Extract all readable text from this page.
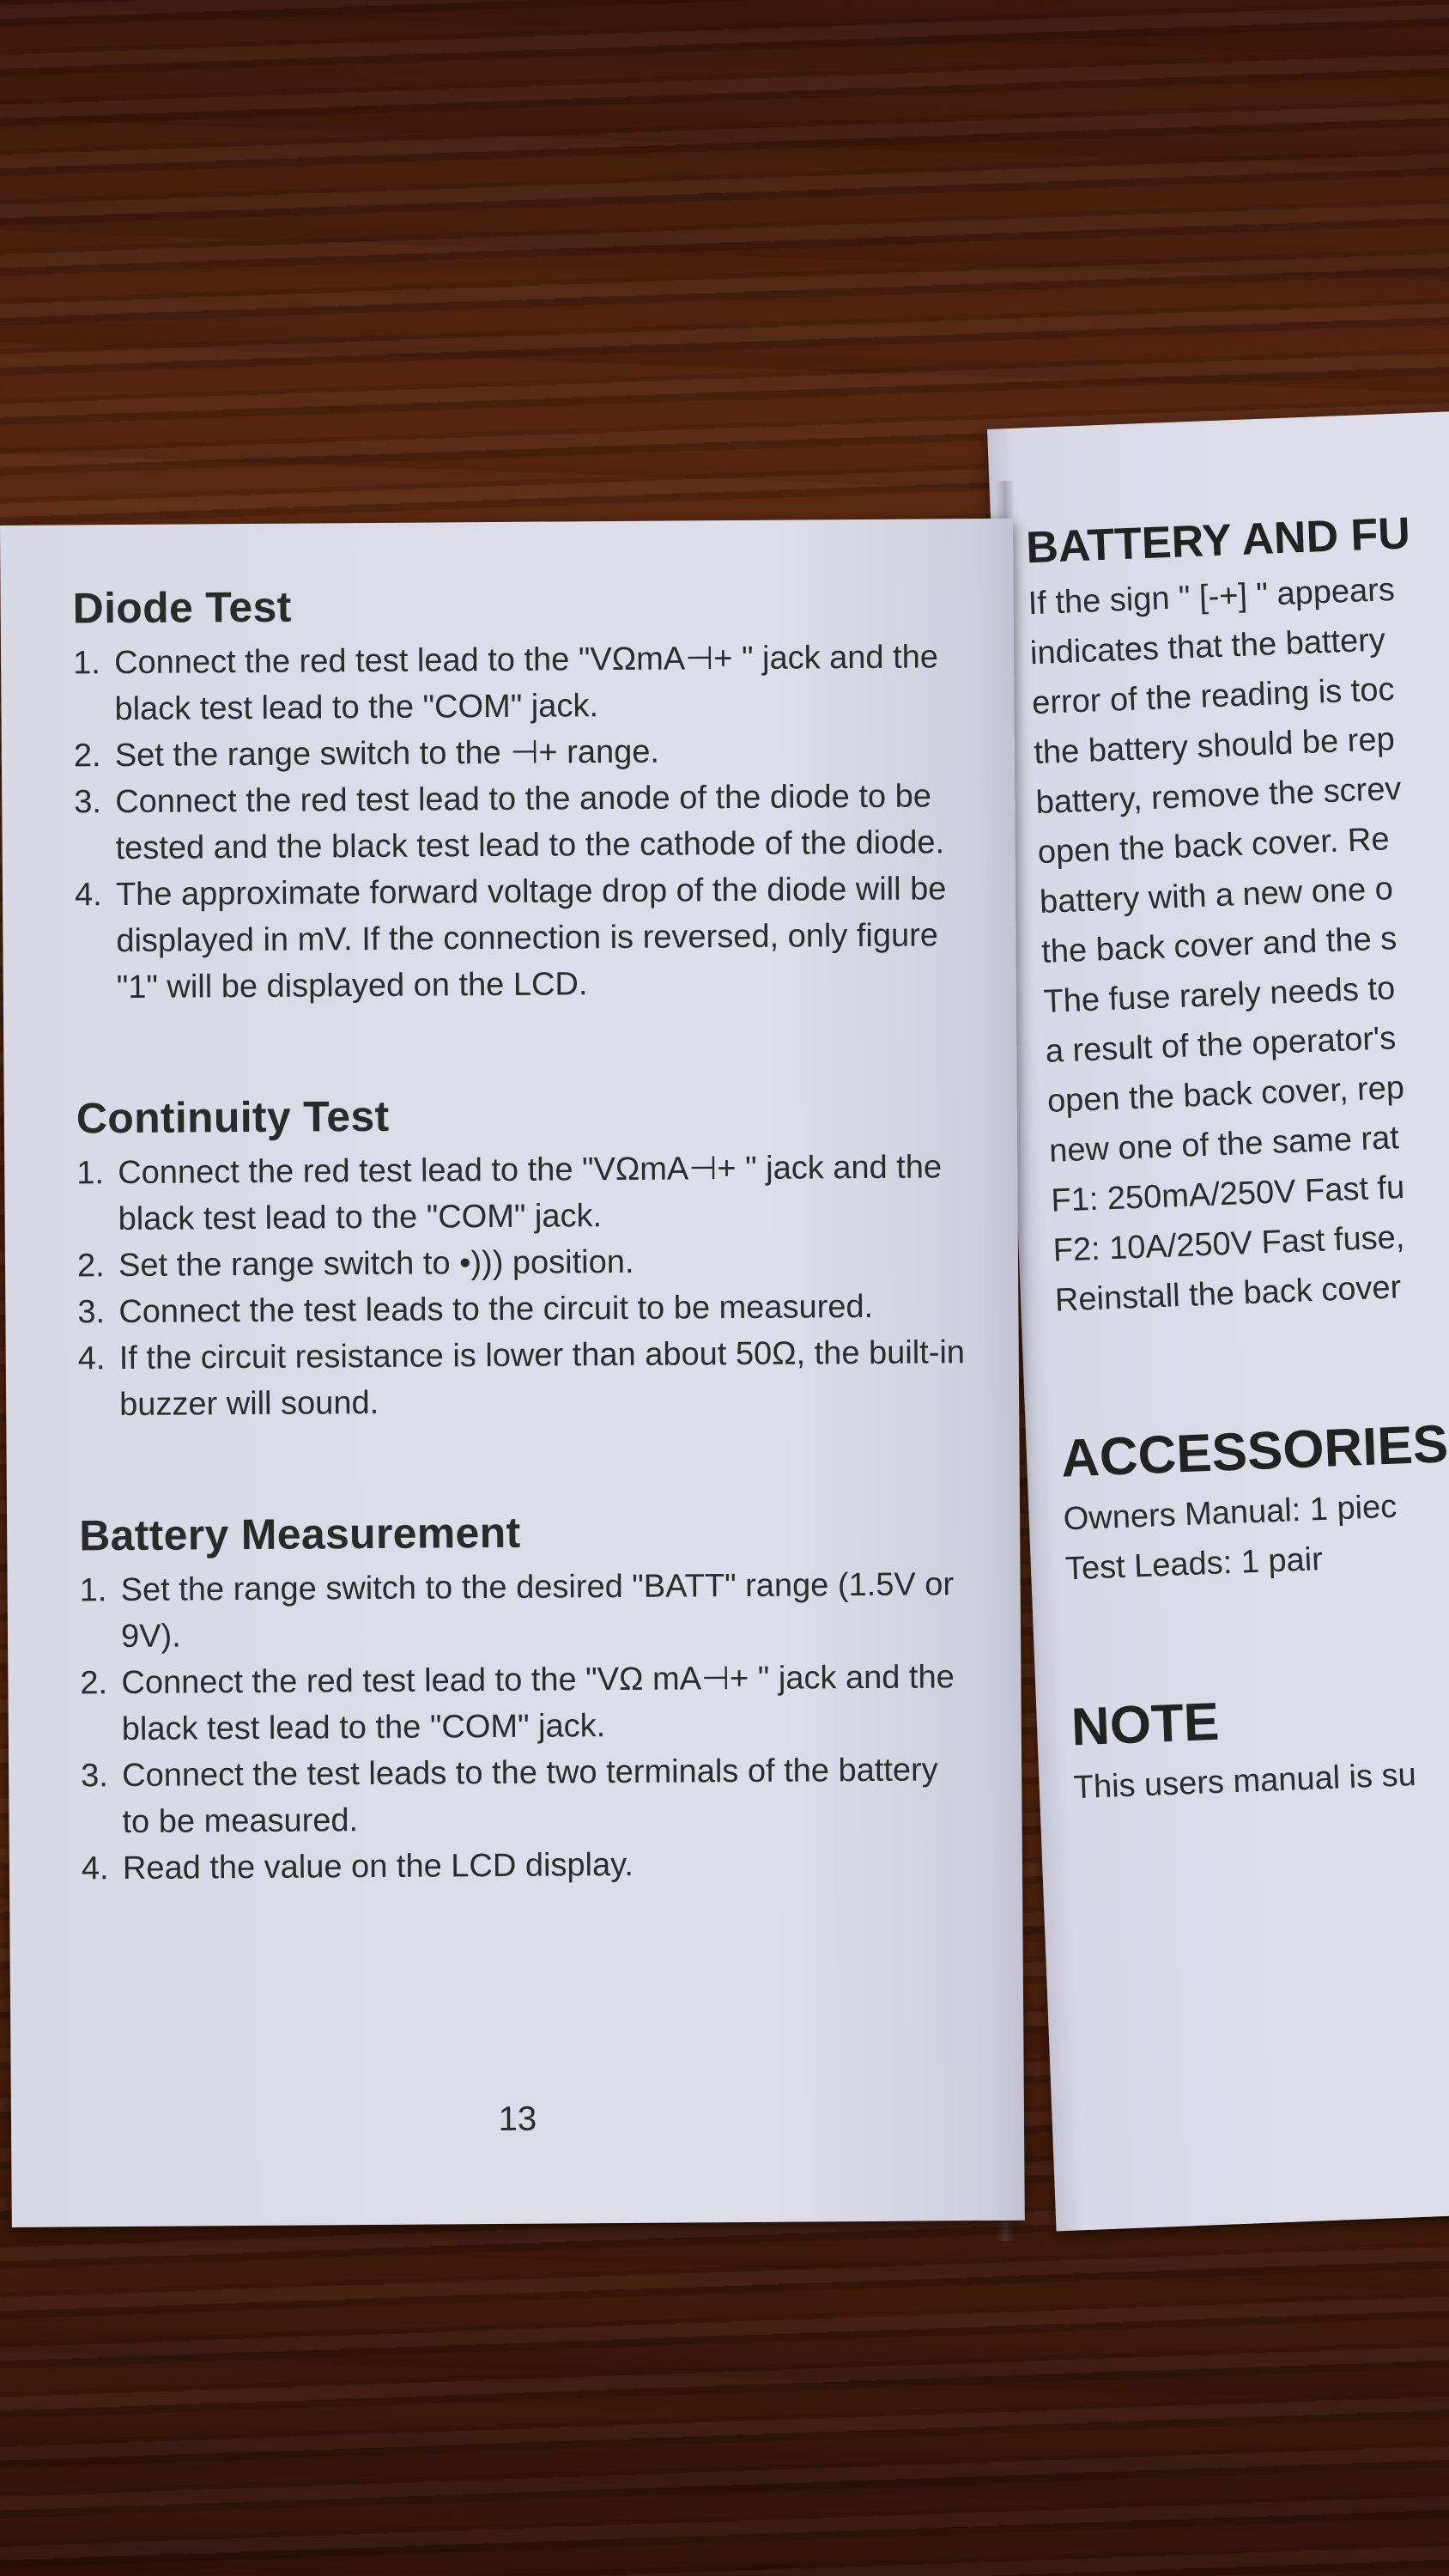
BATTERY AND FU

If the sign " [-+] " appears

indicates that the battery

error of the reading is toc

the battery should be rep

battery, remove the screv

open the back cover. Re

battery with a new one o

the back cover and the s

The fuse rarely needs to

a result of the operator's

open the back cover, rep

new one of the same rat

F1: 250mA/250V Fast fu

F2: 10A/250V Fast fuse,

Reinstall the back cover

ACCESSORIES

Owners Manual: 1 piec

Test Leads: 1 pair

NOTE

This users manual is su

Diode Test
1. Connect the red test lead to the "VΩmA⊣+ " jack and the black test lead to the "COM" jack.
2. Set the range switch to the ⊣+ range.
3. Connect the red test lead to the anode of the diode to be tested and the black test lead to the cathode of the diode.
4. The approximate forward voltage drop of the diode will be displayed in mV. If the connection is reversed, only figure "1" will be displayed on the LCD.
Continuity Test
1. Connect the red test lead to the "VΩmA⊣+ " jack and the black test lead to the "COM" jack.
2. Set the range switch to •))) position.
3. Connect the test leads to the circuit to be measured.
4. If the circuit resistance is lower than about 50Ω, the built-in buzzer will sound.
Battery Measurement
1. Set the range switch to the desired "BATT" range (1.5V or 9V).
2. Connect the red test lead to the "VΩ mA⊣+ " jack and the black test lead to the "COM" jack.
3. Connect the test leads to the two terminals of the battery to be measured.
4. Read the value on the LCD display.
13
